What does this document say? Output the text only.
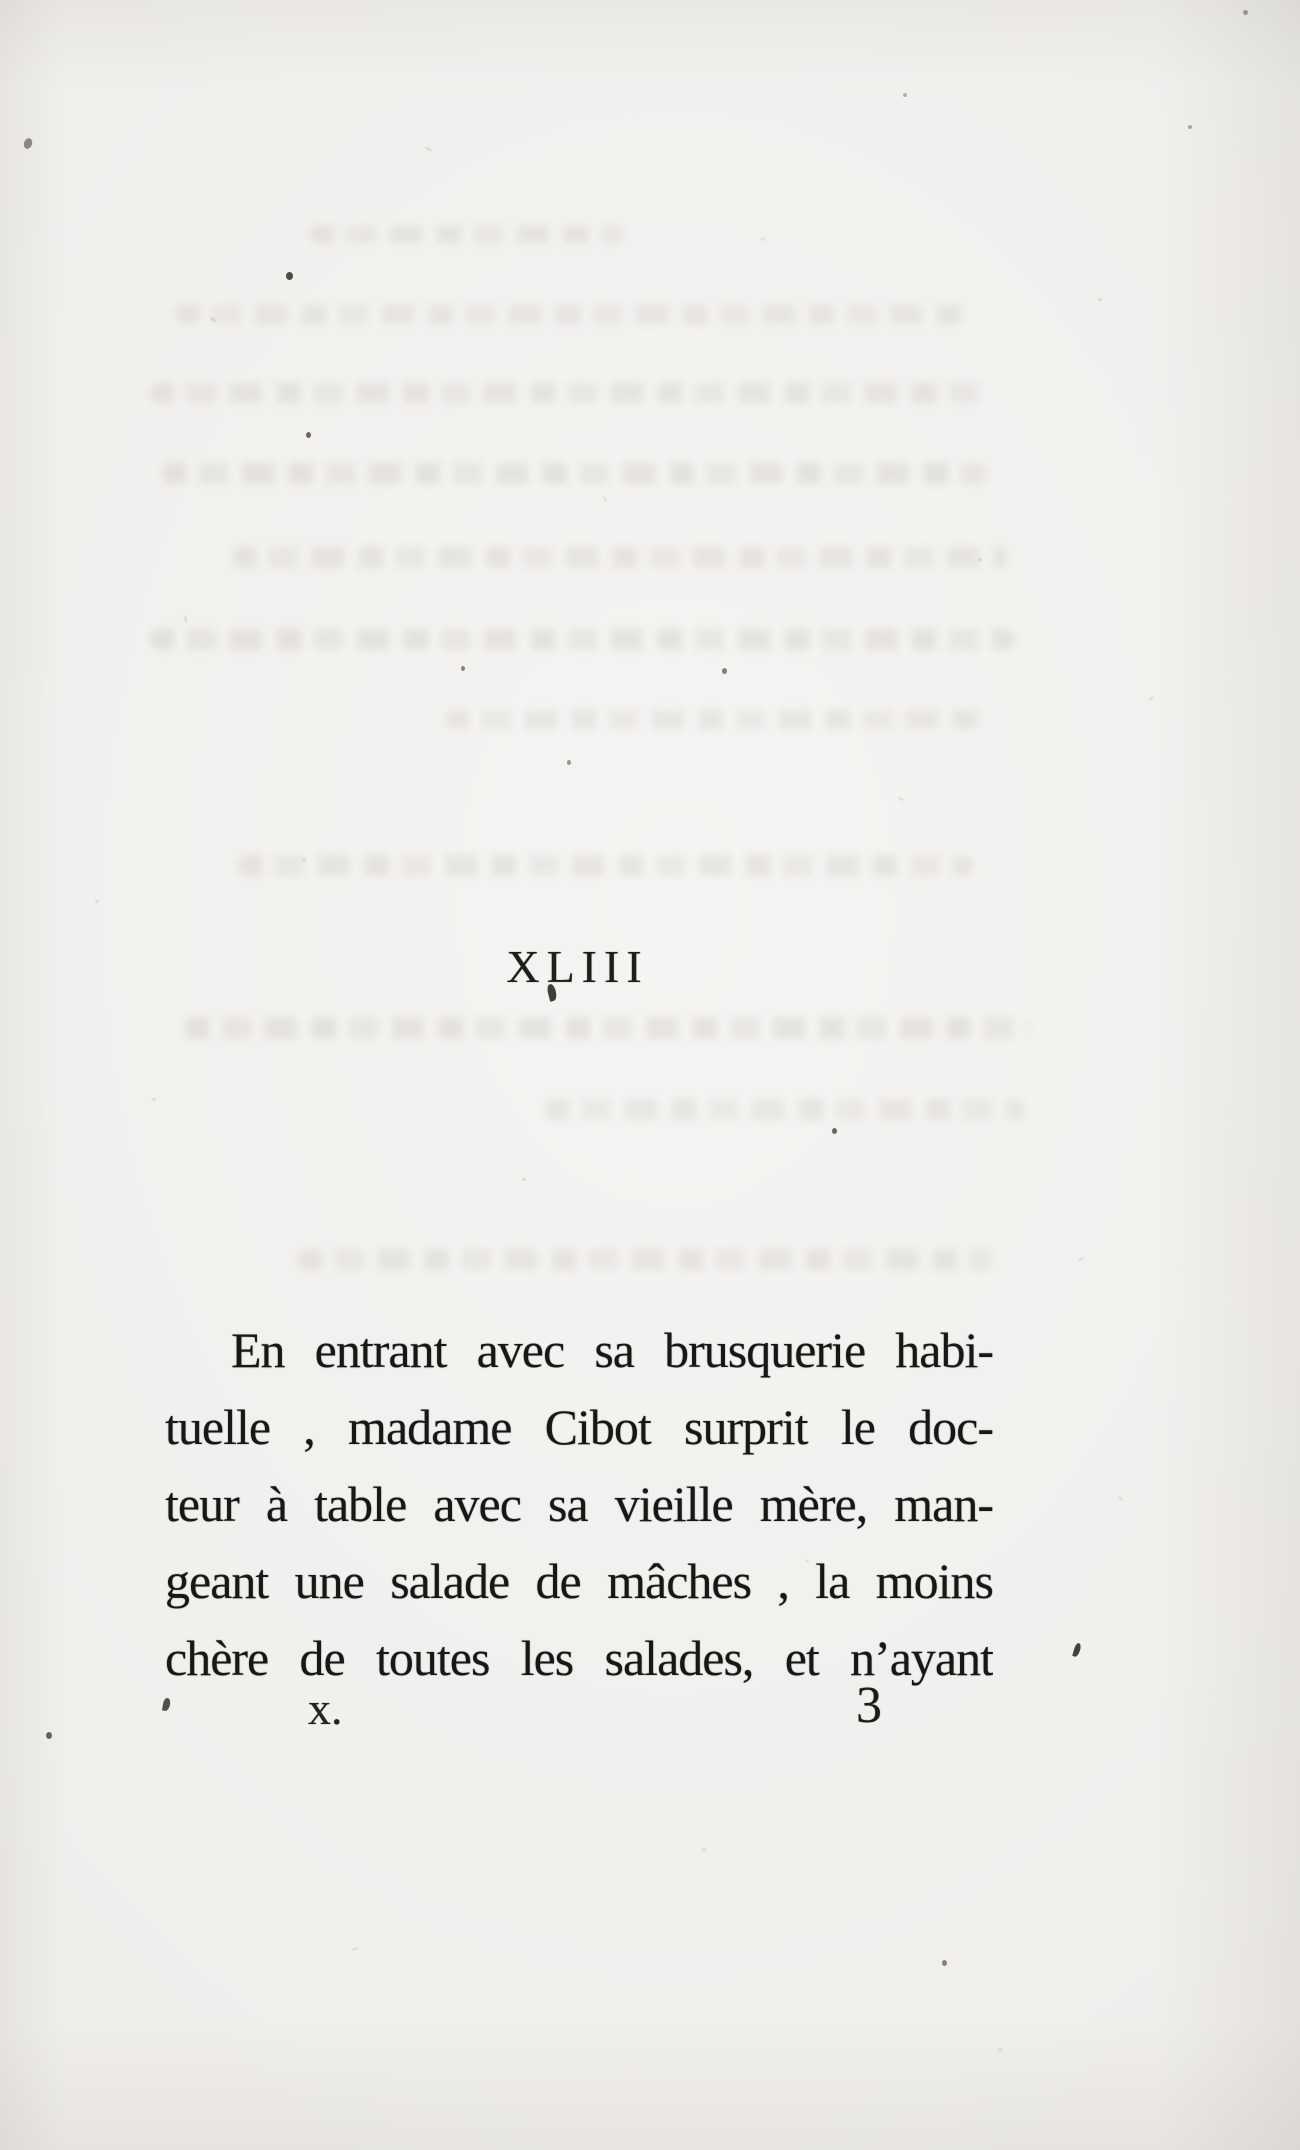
XLIII
En entrant avec sa brusquerie habi-
tuelle , madame Cibot surprit le doc-
teur à table avec sa vieille mère, man-
geant une salade de mâches , la moins
chère de toutes les salades, et n’ayant
x.	3
